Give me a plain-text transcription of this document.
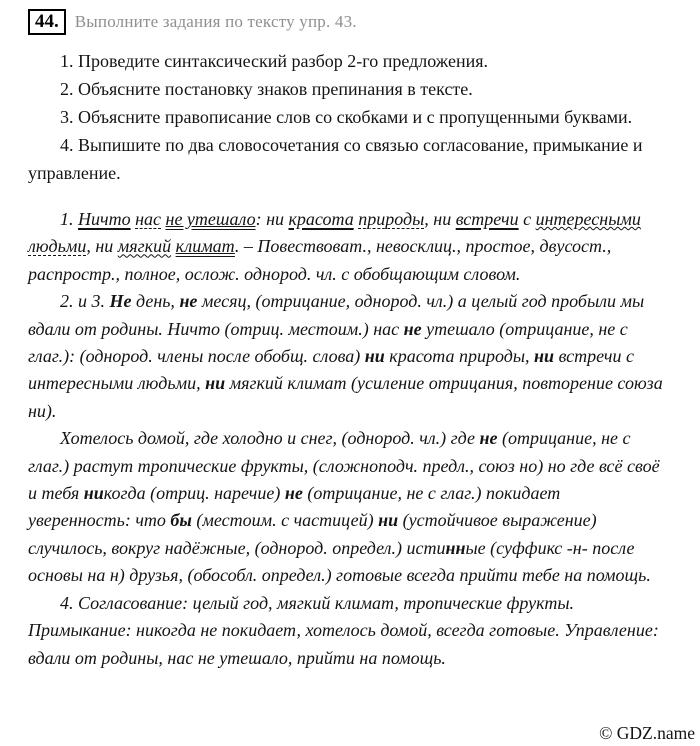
44. Выполните задания по тексту упр. 43.

1. Проведите синтаксический разбор 2-го предложения.

2. Объясните постановку знаков препинания в тексте.

3. Объясните правописание слов со скобками и с пропущенными буквами.

4. Выпишите по два словосочетания со связью согласование, примыкание и управление.

1. Ничто нас не утешало: ни красота природы, ни встречи с интересными людьми, ни мягкий климат. – Повествоват., невосклиц., простое, двусост., распростр., полное, ослож. однород. чл. с обобщающим словом.

2. и 3. Не день, не месяц, (отрицание, однород. чл.) а целый год пробыли мы вдали от родины. Ничто (отриц. местоим.) нас не утешало (отрицание, не с глаг.): (однород. члены после обобщ. слова) ни красота природы, ни встречи с интересными людьми, ни мягкий климат (усиление отрицания, повторение союза ни).

Хотелось домой, где холодно и снег, (однород. чл.) где не (отрицание, не с глаг.) растут тропические фрукты, (сложноподч. предл., союз но) но где всё своё и тебя никогда (отриц. наречие) не (отрицание, не с глаг.) покидает уверенность: что бы (местоим. с частицей) ни (устойчивое выражение) случилось, вокруг надёжные, (однород. определ.) истинные (суффикс -н- после основы на н) друзья, (обособл. определ.) готовые всегда прийти тебе на помощь.

4. Согласование: целый год, мягкий климат, тропические фрукты. Примыкание: никогда не покидает, хотелось домой, всегда готовые. Управление: вдали от родины, нас не утешало, прийти на помощь.

© GDZ.name
